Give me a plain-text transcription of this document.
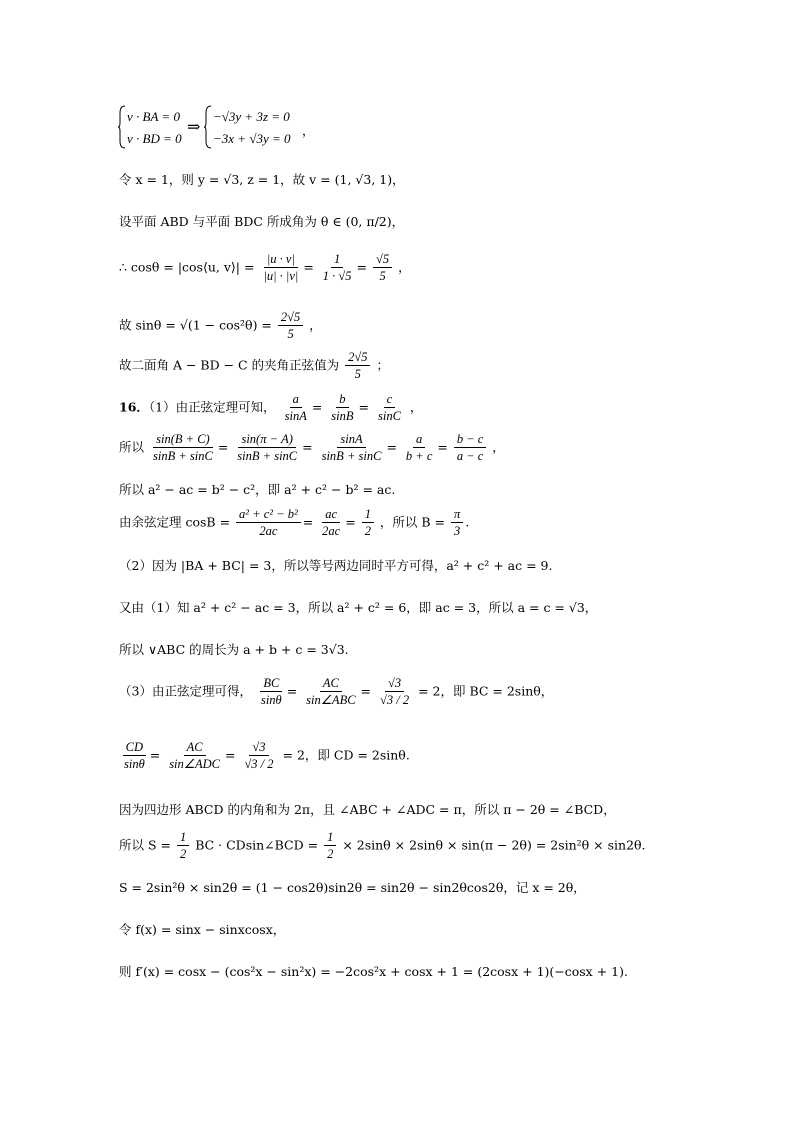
v · BA = 0
v · BD = 0
⇒
−√3y + 3z = 0
−3x + √3y = 0
，
令 x = 1，则 y = √3, z = 1，故 v = (1, √3, 1)，
设平面 ABD 与平面 BDC 所成角为 θ ∈ (0, π/2)，
∴ cosθ = |cos⟨u, v⟩| = $\frac{|u \cdot v|}{|u| \cdot |v|} = \frac{1}{1 \cdot √5} = \frac{√5}{5}$ ，
故 $\sin\theta = √(1 - \cos^2\theta) = \frac{2√5}{5}$ ，
故二面角 A − BD − C 的夹角正弦值为 $\frac{2√5}{5}$ ；
16．（1）由正弦定理可知， $\frac{a}{\sin A} = \frac{b}{\sin B} = \frac{c}{\sin C}$ ，
所以 $\frac{\sin(B + C)}{\sin B + \sin C} = \frac{\sin(\pi - A)}{\sin B + \sin C} = \frac{\sin A}{\sin B + \sin C} = \frac{a}{b + c} = \frac{b - c}{a - c}$ ，
所以 a² − ac = b² − c²，即 a² + c² − b² = ac.
由余弦定理 $\cos B = \frac{\text{a² + c² − b²}}{2ac} = \frac{ac}{2ac} = \frac{1}{2}$ ，所以 $B = \frac{\pi}{3}$ .
（2）因为 |BA + BC| = 3，所以等号两边同时平方可得，a² + c² + ac = 9.
又由（1）知 a² + c² − ac = 3，所以 a² + c² = 6，即 ac = 3，所以 a = c = √3，
所以 ∨ABC 的周长为 a + b + c = 3√3.
（3）由正弦定理可得， $\frac{BC}{\sin\theta} = \frac{AC}{\text{sin∠ABC}} = \frac{√3}{√3 / 2} = 2$，即 BC = 2sinθ，
$\frac{CD}{\sin\theta} = \frac{AC}{\text{sin∠ADC}} = \frac{√3}{√3 / 2} = 2$，即 CD = 2sinθ.
因为四边形 ABCD 的内角和为 2π，且 ∠ABC + ∠ADC = π，所以 π − 2θ = ∠BCD，
所以 $S = \frac{1}{2}$ BC · CDsin∠BCD = $\frac{1}{2} \times 2\sin\theta \times 2\sin\theta \times \sin(\pi - 2\theta) = 2\sin^2\theta \times \sin 2\theta$.
S = 2sin²θ × sin2θ = (1 − cos2θ)sin2θ = sin2θ − sin2θcos2θ，记 x = 2θ，
令 f(x) = sinx − sinxcosx，
则 f′(x) = cosx − (cos²x − sin²x) = −2cos²x + cosx + 1 = (2cosx + 1)(−cosx + 1).
